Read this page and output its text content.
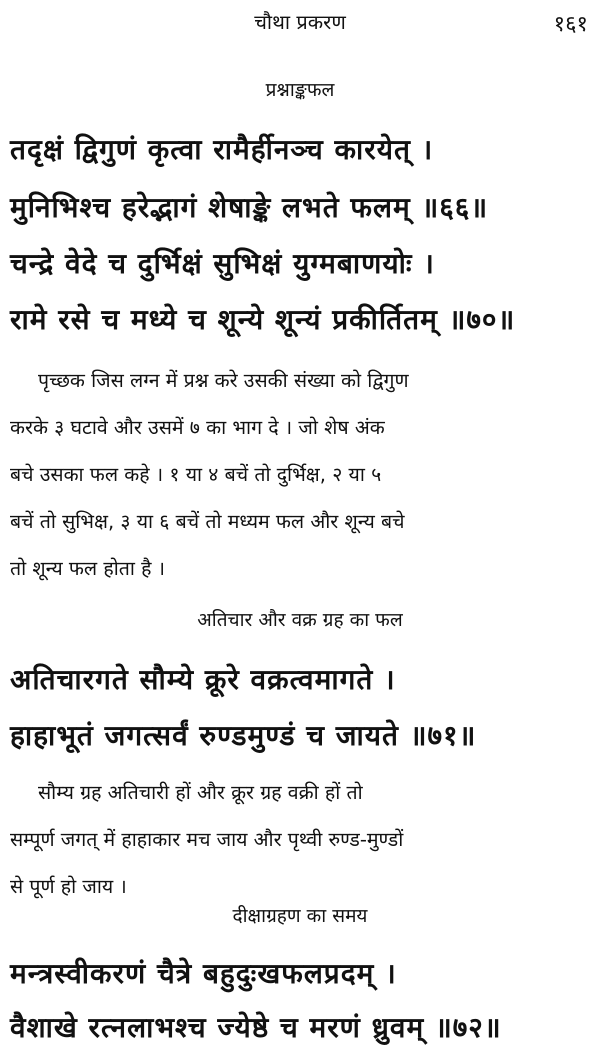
चौथा प्रकरण	१६१
प्रश्नाङ्कफल
तदृक्षं द्विगुणं कृत्वा रामैर्हीनञ्च कारयेत् ।
मुनिभिश्च हरेद्भागं शेषाङ्के लभते फलम् ॥६६॥
चन्द्रे वेदे च दुर्भिक्षं सुभिक्षं युग्मबाणयोः ।
रामे रसे च मध्ये च शून्ये शून्यं प्रकीर्तितम् ॥७०॥
पृच्छक जिस लग्न में प्रश्न करे उसकी संख्या को द्विगुण
करके ३ घटावे और उसमें ७ का भाग दे । जो शेष अंक
बचे उसका फल कहे । १ या ४ बचें तो दुर्भिक्ष, २ या ५
बचें तो सुभिक्ष, ३ या ६ बचें तो मध्यम फल और शून्य बचे
तो शून्य फल होता है ।
अतिचार और वक्र ग्रह का फल
अतिचारगते सौम्ये क्रूरे वक्रत्वमागते ।
हाहाभूतं जगत्सर्वं रुण्डमुण्डं च जायते ॥७१॥
सौम्य ग्रह अतिचारी हों और क्रूर ग्रह वक्री हों तो
सम्पूर्ण जगत् में हाहाकार मच जाय और पृथ्वी रुण्ड-मुण्डों
से पूर्ण हो जाय ।
दीक्षाग्रहण का समय
मन्त्रस्वीकरणं चैत्रे बहुदुःखफलप्रदम् ।
वैशाखे रत्नलाभश्च ज्येष्ठे च मरणं ध्रुवम् ॥७२॥
